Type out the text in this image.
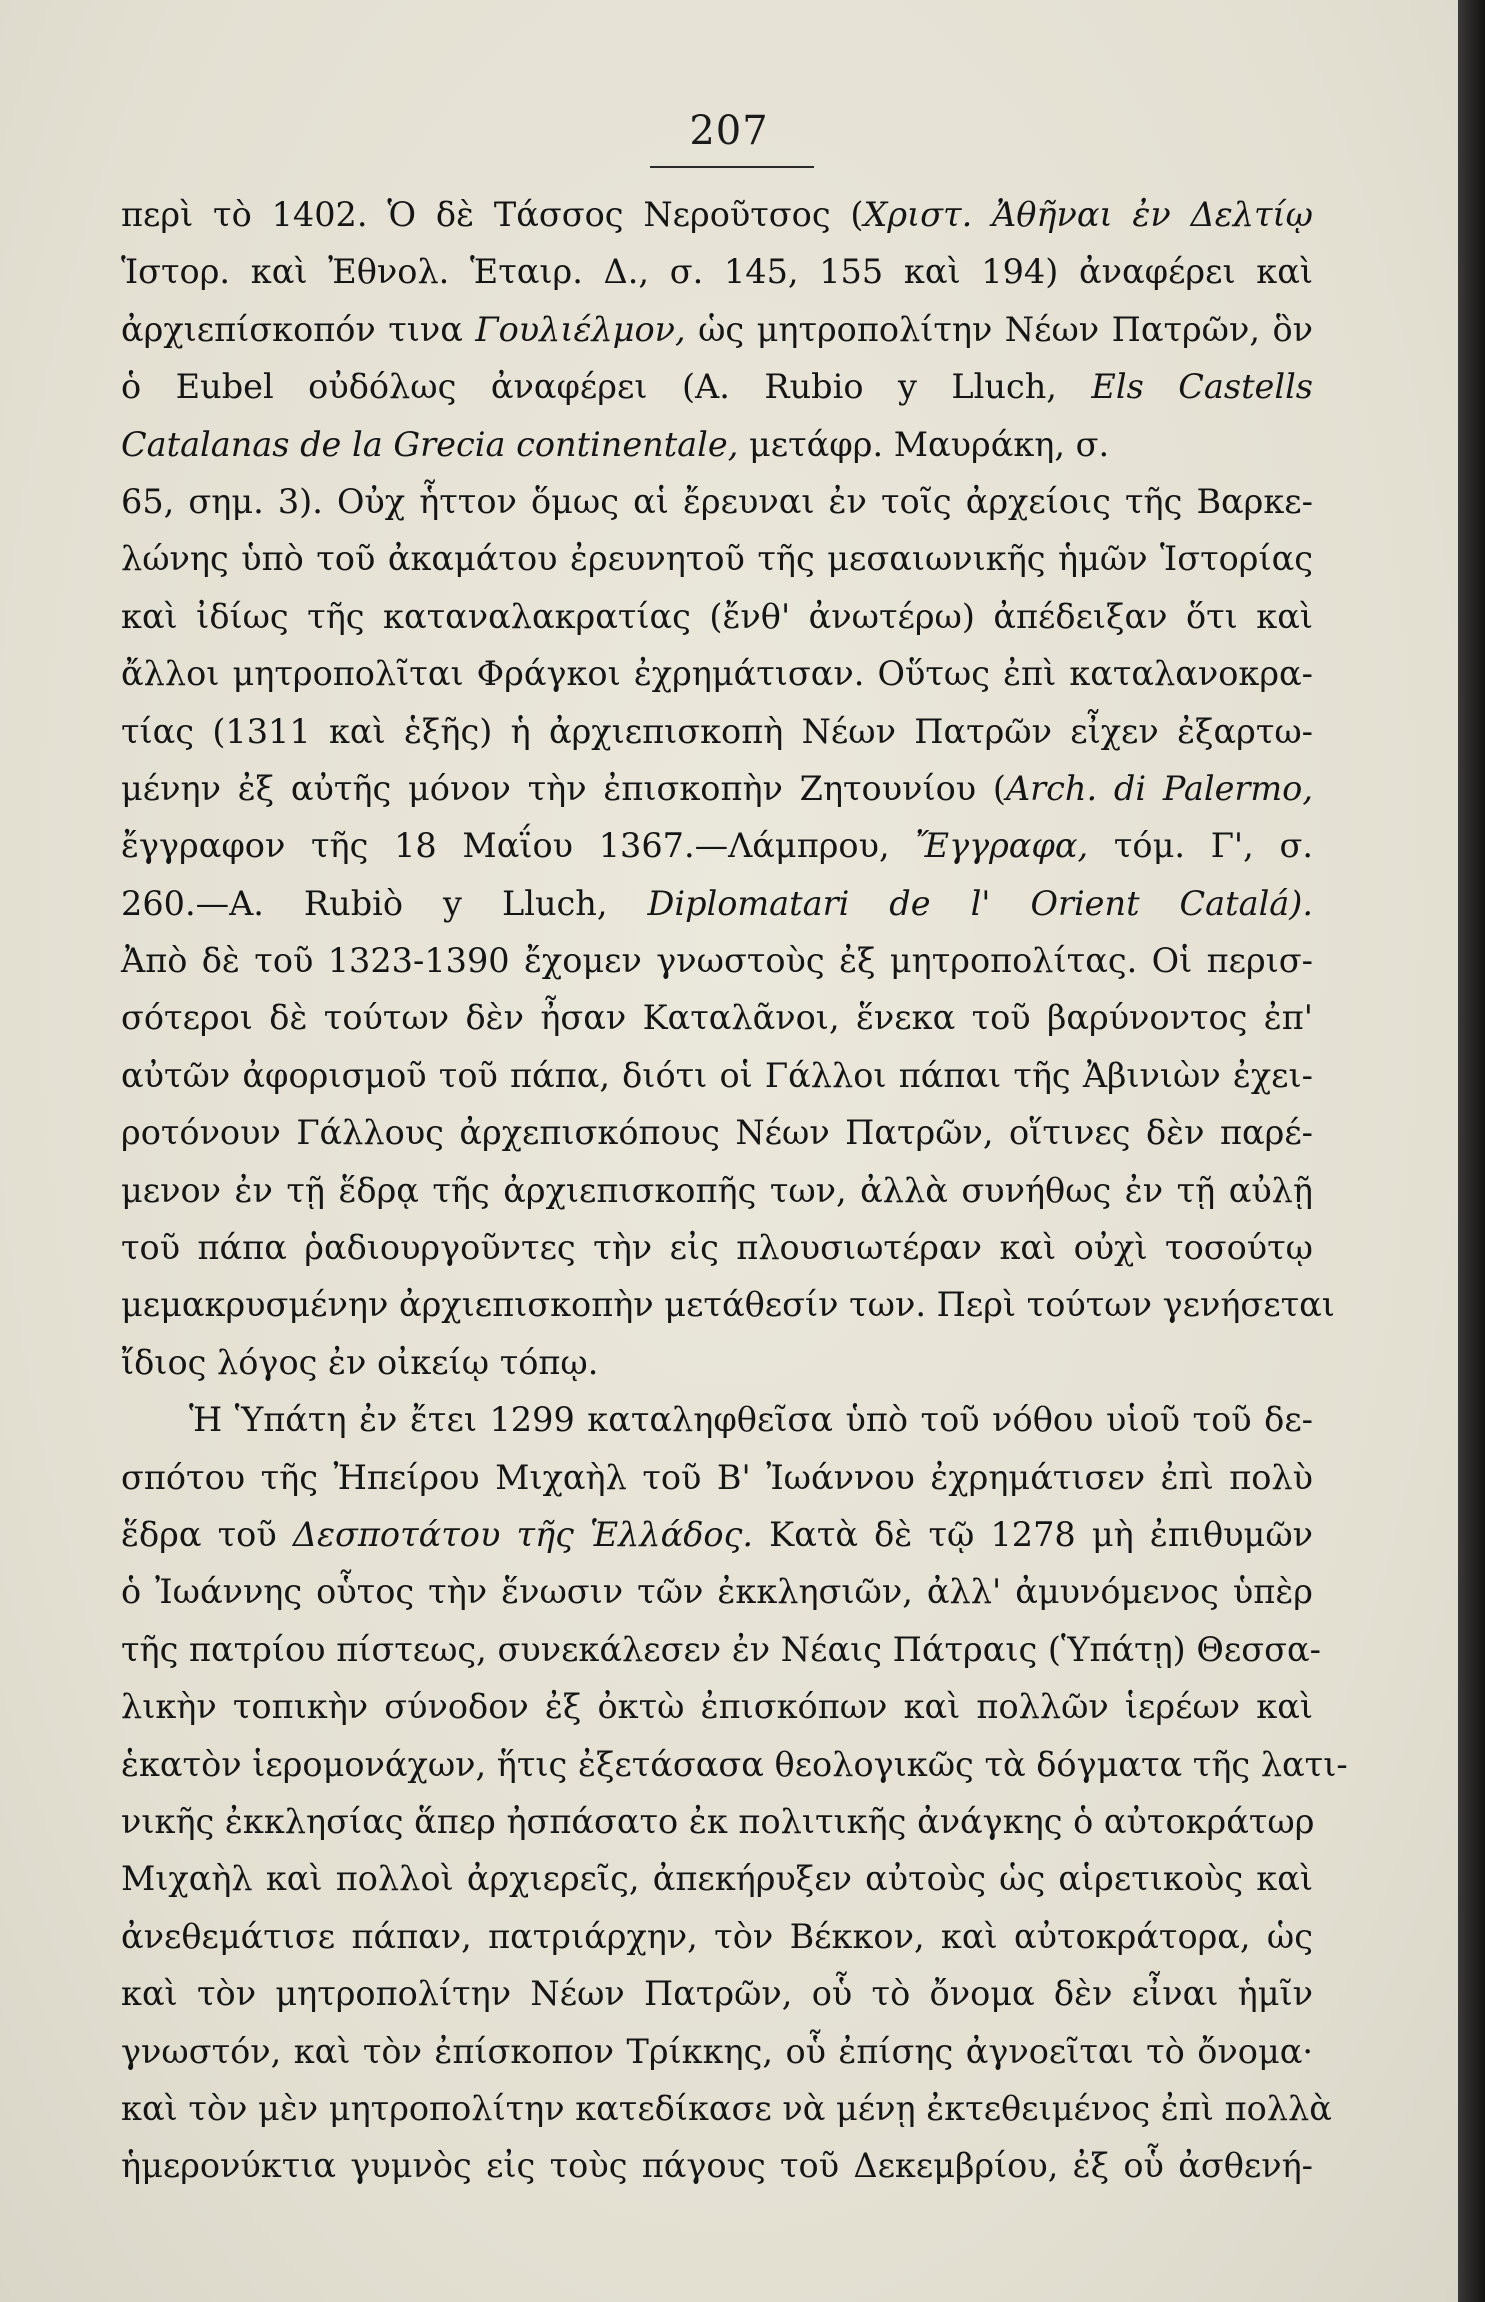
207
περὶ τὸ 1402. Ὁ δὲ Τάσσος Νεροῦτσος (Χριστ. Ἀθῆναι ἐν Δελτίῳ
Ἱστορ. καὶ Ἐθνολ. Ἑταιρ. Δ., σ. 145, 155 καὶ 194) ἀναφέρει καὶ
ἀρχιεπίσκοπόν τινα Γουλιέλμον, ὡς μητροπολίτην Νέων Πατρῶν, ὃν
ὁ Eubel οὐδόλως ἀναφέρει (A. Rubio y Lluch, Els Castells
Catalanas de la Grecia continentale, μετάφρ. Μαυράκη, σ.
65, σημ. 3). Οὐχ ἧττον ὅμως αἱ ἔρευναι ἐν τοῖς ἀρχείοις τῆς Βαρκε-
λώνης ὑπὸ τοῦ ἀκαμάτου ἐρευνητοῦ τῆς μεσαιωνικῆς ἡμῶν Ἱστορίας
καὶ ἰδίως τῆς καταναλακρατίας (ἔνθ' ἀνωτέρω) ἀπέδειξαν ὅτι καὶ
ἄλλοι μητροπολῖται Φράγκοι ἐχρημάτισαν. Οὕτως ἐπὶ καταλανοκρα-
τίας (1311 καὶ ἑξῆς) ἡ ἀρχιεπισκοπὴ Νέων Πατρῶν εἶχεν ἐξαρτω-
μένην ἐξ αὐτῆς μόνον τὴν ἐπισκοπὴν Ζητουνίου (Arch. di Palermo,
ἔγγραφον τῆς 18 Μαΐου 1367.—Λάμπρου, Ἔγγραφα, τόμ. Γ', σ.
260.—A. Rubiò y Lluch, Diplomatari de l' Orient Catalá).
Ἀπὸ δὲ τοῦ 1323-1390 ἔχομεν γνωστοὺς ἐξ μητροπολίτας. Οἱ περισ-
σότεροι δὲ τούτων δὲν ἦσαν Καταλᾶνοι, ἕνεκα τοῦ βαρύνοντος ἐπ'
αὐτῶν ἀφορισμοῦ τοῦ πάπα, διότι οἱ Γάλλοι πάπαι τῆς Ἀβινιὼν ἐχει-
ροτόνουν Γάλλους ἀρχεπισκόπους Νέων Πατρῶν, οἵτινες δὲν παρέ-
μενον ἐν τῇ ἕδρᾳ τῆς ἀρχιεπισκοπῆς των, ἀλλὰ συνήθως ἐν τῇ αὐλῇ
τοῦ πάπα ῥαδιουργοῦντες τὴν εἰς πλουσιωτέραν καὶ οὐχὶ τοσούτῳ
μεμακρυσμένην ἀρχιεπισκοπὴν μετάθεσίν των. Περὶ τούτων γενήσεται
ἴδιος λόγος ἐν οἰκείῳ τόπῳ.
Ἡ Ὑπάτη ἐν ἔτει 1299 καταληφθεῖσα ὑπὸ τοῦ νόθου υἱοῦ τοῦ δε-
σπότου τῆς Ἠπείρου Μιχαὴλ τοῦ Β' Ἰωάννου ἐχρημάτισεν ἐπὶ πολὺ
ἕδρα τοῦ Δεσποτάτου τῆς Ἑλλάδος. Κατὰ δὲ τῷ 1278 μὴ ἐπιθυμῶν
ὁ Ἰωάννης οὗτος τὴν ἕνωσιν τῶν ἐκκλησιῶν, ἀλλ' ἀμυνόμενος ὑπὲρ
τῆς πατρίου πίστεως, συνεκάλεσεν ἐν Νέαις Πάτραις (Ὑπάτῃ) Θεσσα-
λικὴν τοπικὴν σύνοδον ἐξ ὀκτὼ ἐπισκόπων καὶ πολλῶν ἱερέων καὶ
ἑκατὸν ἱερομονάχων, ἥτις ἐξετάσασα θεολογικῶς τὰ δόγματα τῆς λατι-
νικῆς ἐκκλησίας ἅπερ ἠσπάσατο ἐκ πολιτικῆς ἀνάγκης ὁ αὐτοκράτωρ
Μιχαὴλ καὶ πολλοὶ ἀρχιερεῖς, ἀπεκήρυξεν αὐτοὺς ὡς αἱρετικοὺς καὶ
ἀνεθεμάτισε πάπαν, πατριάρχην, τὸν Βέκκον, καὶ αὐτοκράτορα, ὡς
καὶ τὸν μητροπολίτην Νέων Πατρῶν, οὗ τὸ ὄνομα δὲν εἶναι ἡμῖν
γνωστόν, καὶ τὸν ἐπίσκοπον Τρίκκης, οὗ ἐπίσης ἀγνοεῖται τὸ ὄνομα·
καὶ τὸν μὲν μητροπολίτην κατεδίκασε νὰ μένῃ ἐκτεθειμένος ἐπὶ πολλὰ
ἡμερονύκτια γυμνὸς εἰς τοὺς πάγους τοῦ Δεκεμβρίου, ἐξ οὗ ἀσθενή-
